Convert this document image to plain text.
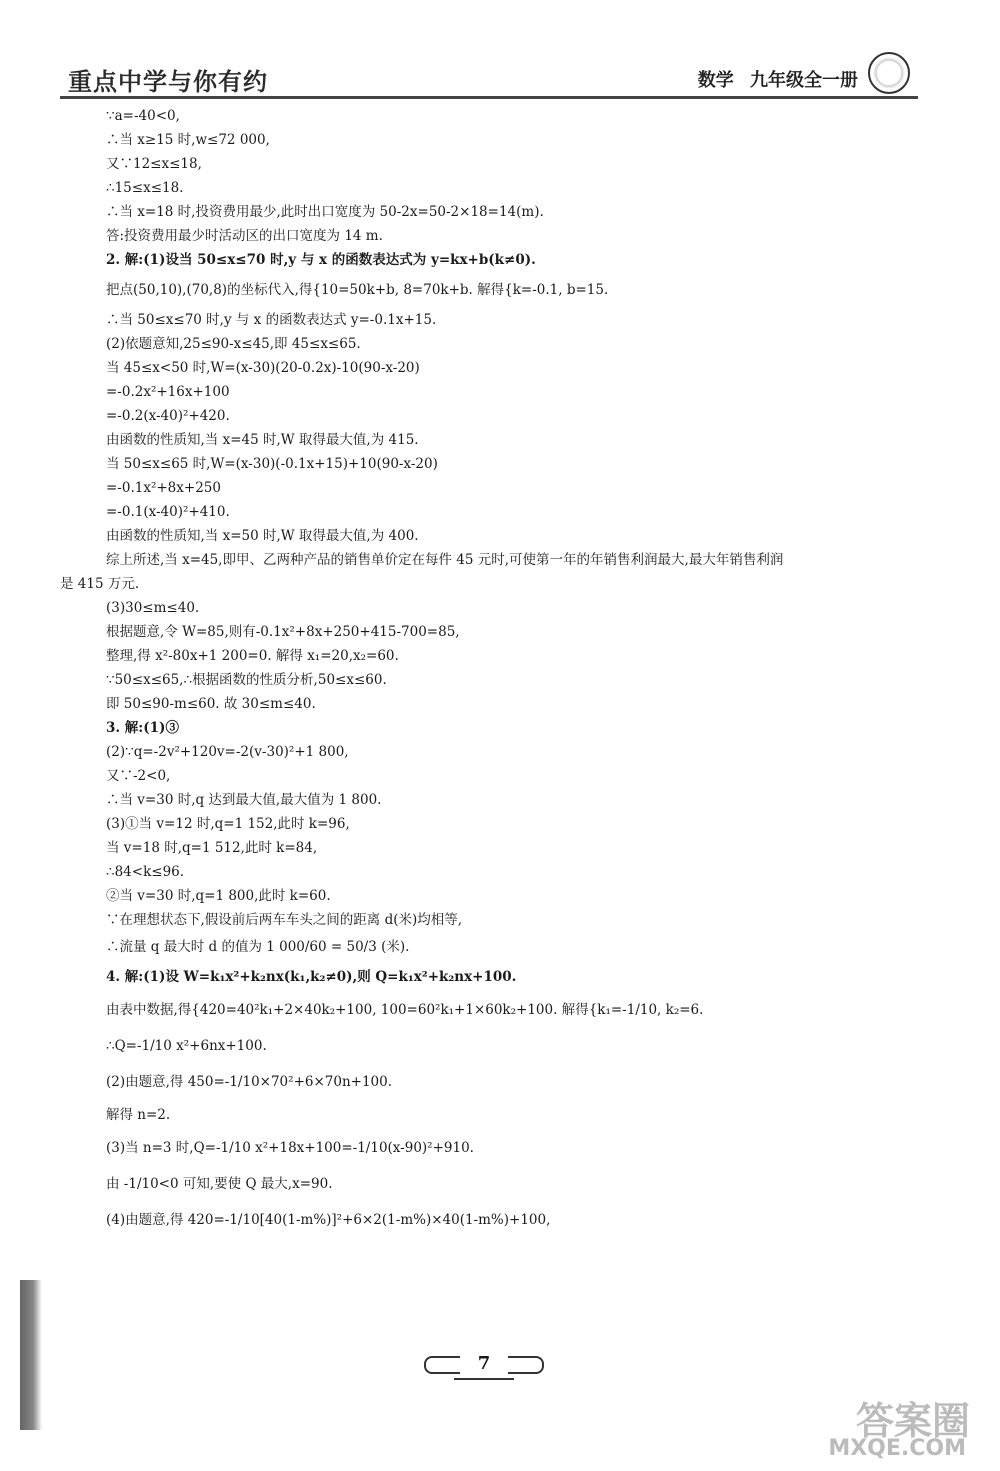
重点中学与你有约	数学 九年级全一册
∵a=-40<0,
∴当 x≥15 时,w≤72 000,
又∵12≤x≤18,
∴15≤x≤18.
∴当 x=18 时,投资费用最少,此时出口宽度为 50-2x=50-2×18=14(m).
答:投资费用最少时活动区的出口宽度为 14 m.
2. 解:(1)设当 50≤x≤70 时,y 与 x 的函数表达式为 y=kx+b(k≠0).
把点(50,10),(70,8)的坐标代入,得{10=50k+b, 8=70k+b. 解得{k=-0.1, b=15.
∴当 50≤x≤70 时,y 与 x 的函数表达式 y=-0.1x+15.
(2)依题意知,25≤90-x≤45,即 45≤x≤65.
当 45≤x<50 时,W=(x-30)(20-0.2x)-10(90-x-20)
=-0.2x²+16x+100
=-0.2(x-40)²+420.
由函数的性质知,当 x=45 时,W 取得最大值,为 415.
当 50≤x≤65 时,W=(x-30)(-0.1x+15)+10(90-x-20)
=-0.1x²+8x+250
=-0.1(x-40)²+410.
由函数的性质知,当 x=50 时,W 取得最大值,为 400.
综上所述,当 x=45,即甲、乙两种产品的销售单价定在每件 45 元时,可使第一年的年销售利润最大,最大年销售利润
是 415 万元.
(3)30≤m≤40.
根据题意,令 W=85,则有-0.1x²+8x+250+415-700=85,
整理,得 x²-80x+1 200=0. 解得 x₁=20,x₂=60.
∵50≤x≤65,∴根据函数的性质分析,50≤x≤60.
即 50≤90-m≤60. 故 30≤m≤40.
3. 解:(1)③
(2)∵q=-2v²+120v=-2(v-30)²+1 800,
又∵-2<0,
∴当 v=30 时,q 达到最大值,最大值为 1 800.
(3)①当 v=12 时,q=1 152,此时 k=96,
当 v=18 时,q=1 512,此时 k=84,
∴84<k≤96.
②当 v=30 时,q=1 800,此时 k=60.
∵在理想状态下,假设前后两车车头之间的距离 d(米)均相等,
∴流量 q 最大时 d 的值为 1 000/60 = 50/3 (米).
4. 解:(1)设 W=k₁x²+k₂nx(k₁,k₂≠0),则 Q=k₁x²+k₂nx+100.
由表中数据,得{420=40²k₁+2×40k₂+100, 100=60²k₁+1×60k₂+100. 解得{k₁=-1/10, k₂=6.
∴Q=-1/10 x²+6nx+100.
(2)由题意,得 450=-1/10×70²+6×70n+100.
解得 n=2.
(3)当 n=3 时,Q=-1/10 x²+18x+100=-1/10(x-90)²+910.
由 -1/10<0 可知,要使 Q 最大,x=90.
(4)由题意,得 420=-1/10[40(1-m%)]²+6×2(1-m%)×40(1-m%)+100,
7
答案圈
MXQE.COM
